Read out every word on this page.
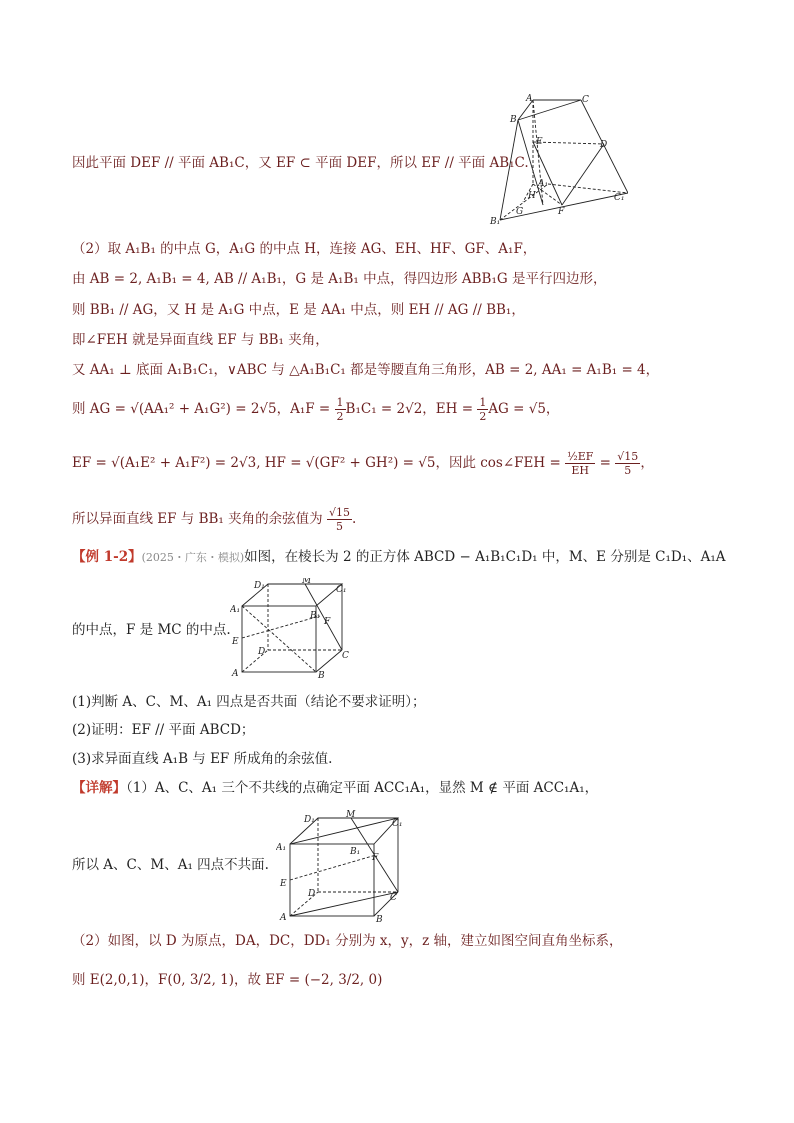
A	C
B
E	D
A₁
H
B₁
G	F
C₁
因此平面 DEF // 平面 AB₁C，又 EF ⊂ 平面 DEF，所以 EF // 平面 AB₁C.
（2）取 A₁B₁ 的中点 G，A₁G 的中点 H，连接 AG、EH、HF、GF、A₁F，
由 AB = 2, A₁B₁ = 4, AB // A₁B₁，G 是 A₁B₁ 中点，得四边形 ABB₁G 是平行四边形，
则 BB₁ // AG，又 H 是 A₁G 中点，E 是 AA₁ 中点，则 EH // AG // BB₁，
即∠FEH 就是异面直线 EF 与 BB₁ 夹角，
又 AA₁ ⊥ 底面 A₁B₁C₁，∨ABC 与 △A₁B₁C₁ 都是等腰直角三角形，AB = 2, AA₁ = A₁B₁ = 4，
则 AG = √(AA₁² + A₁G²) = 2√5，$A_1F = \frac{1}{2} B_1C_1 = 2√2$，EH = $\frac{1}{2}$ AG = √5，
EF = √(A₁E² + A₁F²) = 2√3, HF = √(GF² + GH²) = √5，因此 cos∠FEH = $\frac{\text{½EF}}{EH} = \frac{√15}{5}$ ，
所以异面直线 EF 与 BB₁ 夹角的余弦值为 $\frac{√15}{5}$ .
【例 1-2】(2025・广东・模拟)如图，在棱长为 2 的正方体 ABCD − A₁B₁C₁D₁ 中，M、E 分别是 C₁D₁、A₁A
D₁	M
C₁
A₁
B₁
F
E
D	C
A	B
的中点，F 是 MC 的中点.
(1)判断 A、C、M、A₁ 四点是否共面（结论不要求证明）；
(2)证明：EF // 平面 ABCD；
(3)求异面直线 A₁B 与 EF 所成角的余弦值.
【详解】（1）A、C、A₁ 三个不共线的点确定平面 ACC₁A₁，显然 M ∉ 平面 ACC₁A₁，
D₁	M
C₁
A₁	B₁
F
E
D	C
A	B
所以 A、C、M、A₁ 四点不共面.
（2）如图，以 D 为原点，DA，DC，DD₁ 分别为 x，y，z 轴，建立如图空间直角坐标系，
则 E(2,0,1)，F(0, 3/2, 1)，故 EF = (−2, 3/2, 0)
